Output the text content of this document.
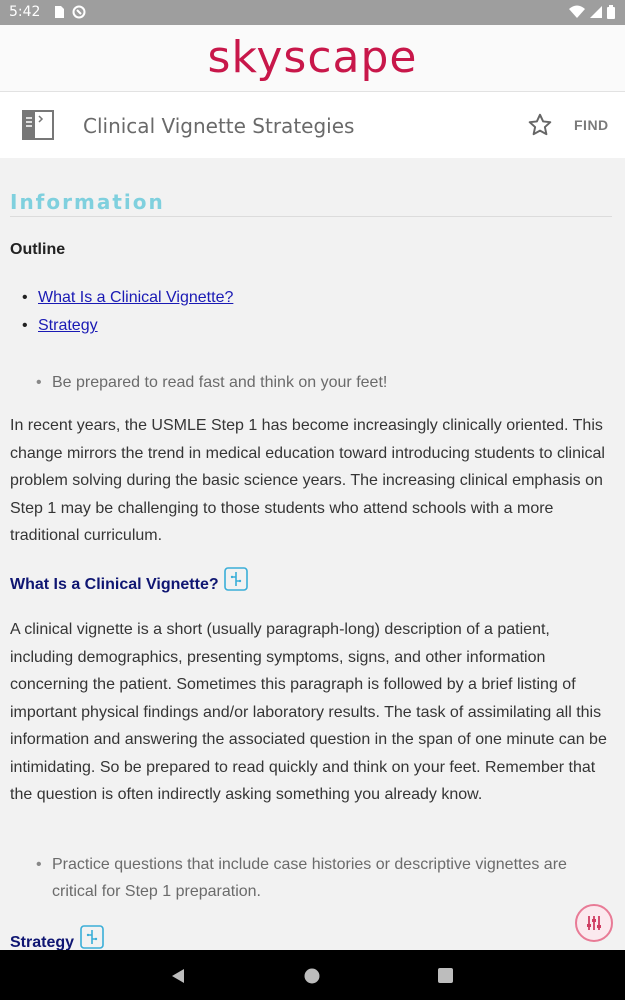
5:42
skyscape
Clinical Vignette Strategies	FIND
Information
Outline
• What Is a Clinical Vignette?
• Strategy
• Be prepared to read fast and think on your feet!
In recent years, the USMLE Step 1 has become increasingly clinically oriented. This change mirrors the trend in medical education toward introducing students to clinical problem solving during the basic science years. The increasing clinical emphasis on Step 1 may be challenging to those students who attend schools with a more traditional curriculum.
What Is a Clinical Vignette?
A clinical vignette is a short (usually paragraph-long) description of a patient, including demographics, presenting symptoms, signs, and other information concerning the patient. Sometimes this paragraph is followed by a brief listing of important physical findings and/or laboratory results. The task of assimilating all this information and answering the associated question in the span of one minute can be intimidating. So be prepared to read quickly and think on your feet. Remember that the question is often indirectly asking something you already know.
• Practice questions that include case histories or descriptive vignettes are critical for Step 1 preparation.
Strategy
